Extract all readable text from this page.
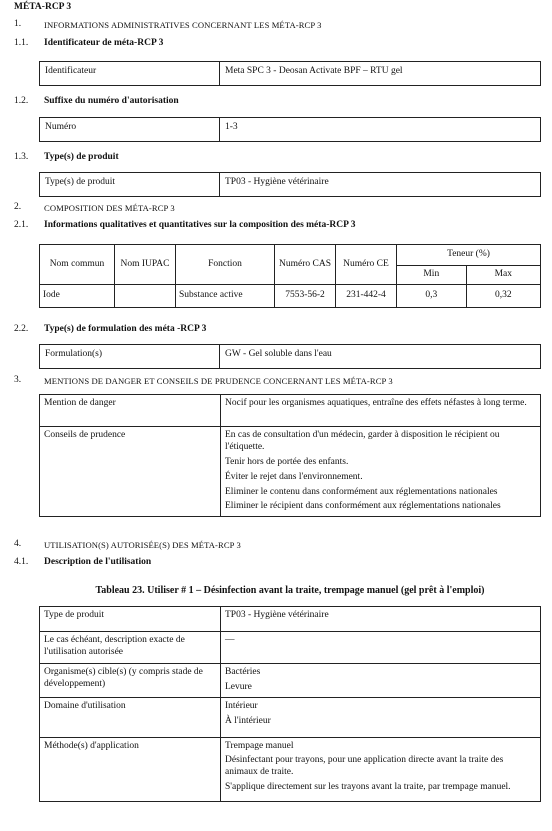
MÉTA-RCP 3
1.	INFORMATIONS ADMINISTRATIVES CONCERNANT LES MÉTA-RCP 3
1.1. Identificateur de méta-RCP 3
Identificateur	Meta SPC 3 - Deosan Activate BPF – RTU gel
1.2. Suffixe du numéro d'autorisation
Numéro	1-3
1.3. Type(s) de produit
Type(s) de produit	TP03 - Hygiène vétérinaire
2.	COMPOSITION DES MÉTA-RCP 3
2.1. Informations qualitatives et quantitatives sur la composition des méta-RCP 3
Nom commun	Nom IUPAC	Fonction	Numéro CAS	Numéro CE	Teneur (%)	
					Min	Max
Iode		Substance active	7553-56-2	231-442-4	0,3	0,32
2.2. Type(s) de formulation des méta -RCP 3
Formulation(s)	GW - Gel soluble dans l'eau
3.	MENTIONS DE DANGER ET CONSEILS DE PRUDENCE CONCERNANT LES MÉTA-RCP 3
Mention de danger	Nocif pour les organismes aquatiques, entraîne des effets néfastes à long terme.
Conseils de prudence	En cas de consultation d'un médecin, garder à disposition le récipient ou l'étiquette.
Tenir hors de portée des enfants.
Éviter le rejet dans l'environnement.
Éliminer le contenu dans conformément aux réglementations nationales
Éliminer le récipient dans conformément aux réglementations nationales
4.	UTILISATION(S) AUTORISÉE(S) DES MÉTA-RCP 3
4.1. Description de l'utilisation
Tableau 23. Utiliser # 1 – Désinfection avant la traite, trempage manuel (gel prêt à l'emploi)
Type de produit	TP03 - Hygiène vétérinaire
Le cas échéant, description exacte de l'utilisation autorisée	—
Organisme(s) cible(s) (y compris stade de développement)	Bactéries
Levure

Domaine d'utilisation	Intérieur
À l'intérieur

Méthode(s) d'application	Trempage manuel
Désinfectant pour trayons, pour une application directe avant la traite des animaux de traite.
S'applique directement sur les trayons avant la traite, par trempage manuel.
